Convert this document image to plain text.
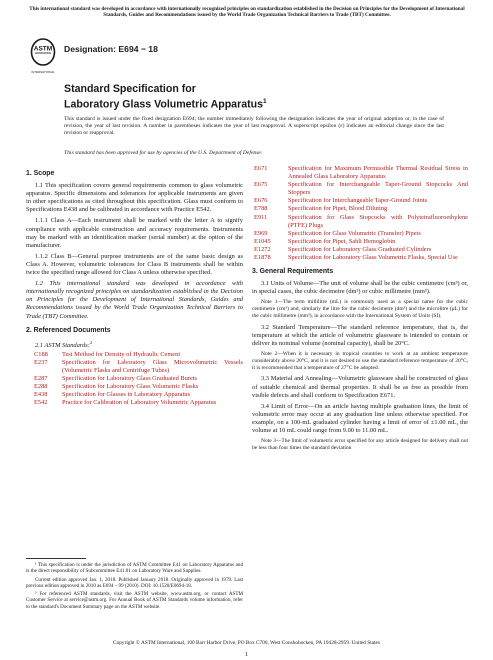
This international standard was developed in accordance with internationally recognized principles on standardization established in the Decision on Principles for the Development of International Standards, Guides and Recommendations issued by the World Trade Organization Technical Barriers to Trade (TBT) Committee.
ASTM
INTERNATIONAL
Designation: E694 − 18
Standard Specification for
Laboratory Glass Volumetric Apparatus$^1$
This standard is issued under the fixed designation E694; the number immediately following the designation indicates the year of original adoption or, in the case of revision, the year of last revision. A number in parentheses indicates the year of last reapproval. A superscript epsilon (ε) indicates an editorial change since the last revision or reapproval.
This standard has been approved for use by agencies of the U.S. Department of Defense.
1. Scope

1.1 This specification covers general requirements common to glass volumetric apparatus. Specific dimensions and tolerances for applicable instruments are given in other specifications as cited throughout this specification. Glass must conform to Specifications E438 and be calibrated in accordance with Practice E542.

1.1.1 Class A—Each instrument shall be marked with the letter A to signify compliance with applicable construction and accuracy requirements. Instruments may be marked with an identification marker (serial number) at the option of the manufacturer.

1.1.2 Class B—General purpose instruments are of the same basic design as Class A. However, volumetric tolerances for Class B instruments shall be within twice the specified range allowed for Class A unless otherwise specified.

1.2 This international standard was developed in accordance with internationally recognized principles on standardization established in the Decision on Principles for the Development of International Standards, Guides and Recommendations issued by the World Trade Organization Technical Barriers to Trade (TBT) Committee.

2. Referenced Documents
2.1 ASTM Standards:$^2$
C188 Test Method for Density of Hydraulic Cement
E237 Specification for Laboratory Glass Microvolumetric Vessels (Volumetric Flasks and Centrifuge Tubes)
E287 Specification for Laboratory Glass Graduated Burets
E288 Specification for Laboratory Glass Volumetric Flasks
E438 Specification for Glasses in Laboratory Apparatus
E542 Practice for Calibration of Laboratory Volumetric Apparatus
E671	Specification for Maximum Permissible Thermal Residual Stress in Annealed Glass Laboratory Apparatus
E675	Specification for Interchangeable Taper-Ground Stopcocks And Stoppers
E676	Specification for Interchangeable Taper-Ground Joints
E788	Specification for Pipet, Blood Diluting
E911	Specification for Glass Stopcocks with Polytetrafluoroethylene (PTFE) Plugs
E969	Specification for Glass Volumetric (Transfer) Pipets
E1045	Specification for Pipet, Sahli Hemoglobin
E1272	Specification for Laboratory Glass Graduated Cylinders
E1878	Specification for Laboratory Glass Volumetric Flasks, Special Use
3. General Requirements

3.1 Units of Volume—The unit of volume shall be the cubic centimetre (cm³) or, in special cases, the cubic decimetre (dm³) or cubic millimetre (mm³).

Note 1—The term millilitre (mL) is commonly used as a special name for the cubic centimetre (cm³) and, similarly the litre for the cubic decimetre (dm³) and the microlitre (μL) for the cubic millimetre (mm³), in accordance with the International System of Units (SI).

3.2 Standard Temperature—The standard reference temperature, that is, the temperature at which the article of volumetric glassware is intended to contain or deliver its nominal volume (nominal capacity), shall be 20°C.

Note 2—When it is necessary in tropical countries to work at an ambient temperature considerably above 20°C, and it is not desired to use the standard reference temperature of 20°C, it is recommended that a temperature of 27°C be adopted.

3.3 Material and Annealing—Volumetric glassware shall be constructed of glass of suitable chemical and thermal properties. It shall be as free as possible from visible defects and shall conform to Specification E671.

3.4 Limit of Error—On an article having multiple graduation lines, the limit of volumetric error may occur at any graduation line unless otherwise specified. For example, on a 100-mL graduated cylinder having a limit of error of ±1.00 mL, the volume at 10 mL could range from 9.00 to 11.00 mL.

Note 3—The limit of volumetric error specified for any article designed for delivery shall not be less than four times the standard deviation

¹ This specification is under the jurisdiction of ASTM Committee E41 on Laboratory Apparatus and is the direct responsibility of Subcommittee E41.01 on Laboratory Ware and Supplies.

Current edition approved Jan. 1, 2018. Published January 2018. Originally approved in 1979. Last previous edition approved in 2010 as E694 – 99 (2010). DOI: 10.1520/E0694-18.

² For referenced ASTM standards, visit the ASTM website, www.astm.org, or contact ASTM Customer Service at service@astm.org. For Annual Book of ASTM Standards volume information, refer to the standard's Document Summary page on the ASTM website.

Copyright © ASTM International, 100 Barr Harbor Drive, PO Box C700, West Conshohocken, PA 19428-2959. United States
1
